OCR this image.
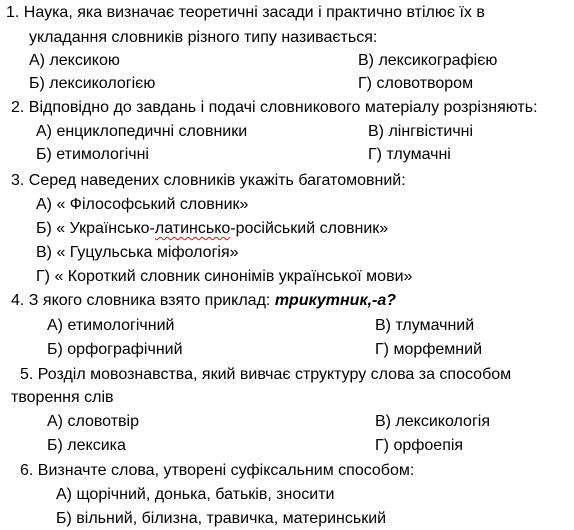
1. Наука, яка визначає теоретичні засади і практично втілює їх в
укладання словників різного типу називається:
А) лексикою	В) лексикографією
Б) лексикологією	Г) словотвором
2. Відповідно до завдань і подачі словникового матеріалу розрізняють:
А) енциклопедичні словники	В) лінгвістичні
Б) етимологічні	Г) тлумачні
3. Серед наведених словників укажіть багатомовний:
А) « Філософський словник»
Б) « Українсько-латинсько-російський словник»
В) « Гуцульська міфологія»
Г) « Короткий словник синонімів української мови»
4. З якого словника взято приклад: трикутник,-а?
А) етимологічний	В) тлумачний
Б) орфографічний	Г) морфемний
5. Розділ мовознавства, який вивчає структуру слова за способом
творення слів
А) словотвір	В) лексикологія
Б) лексика	Г) орфоепія
6. Визначте слова, утворені суфіксальним способом:
А) щорічний, донька, батьків, зносити
Б) вільний, білизна, травичка, материнський
